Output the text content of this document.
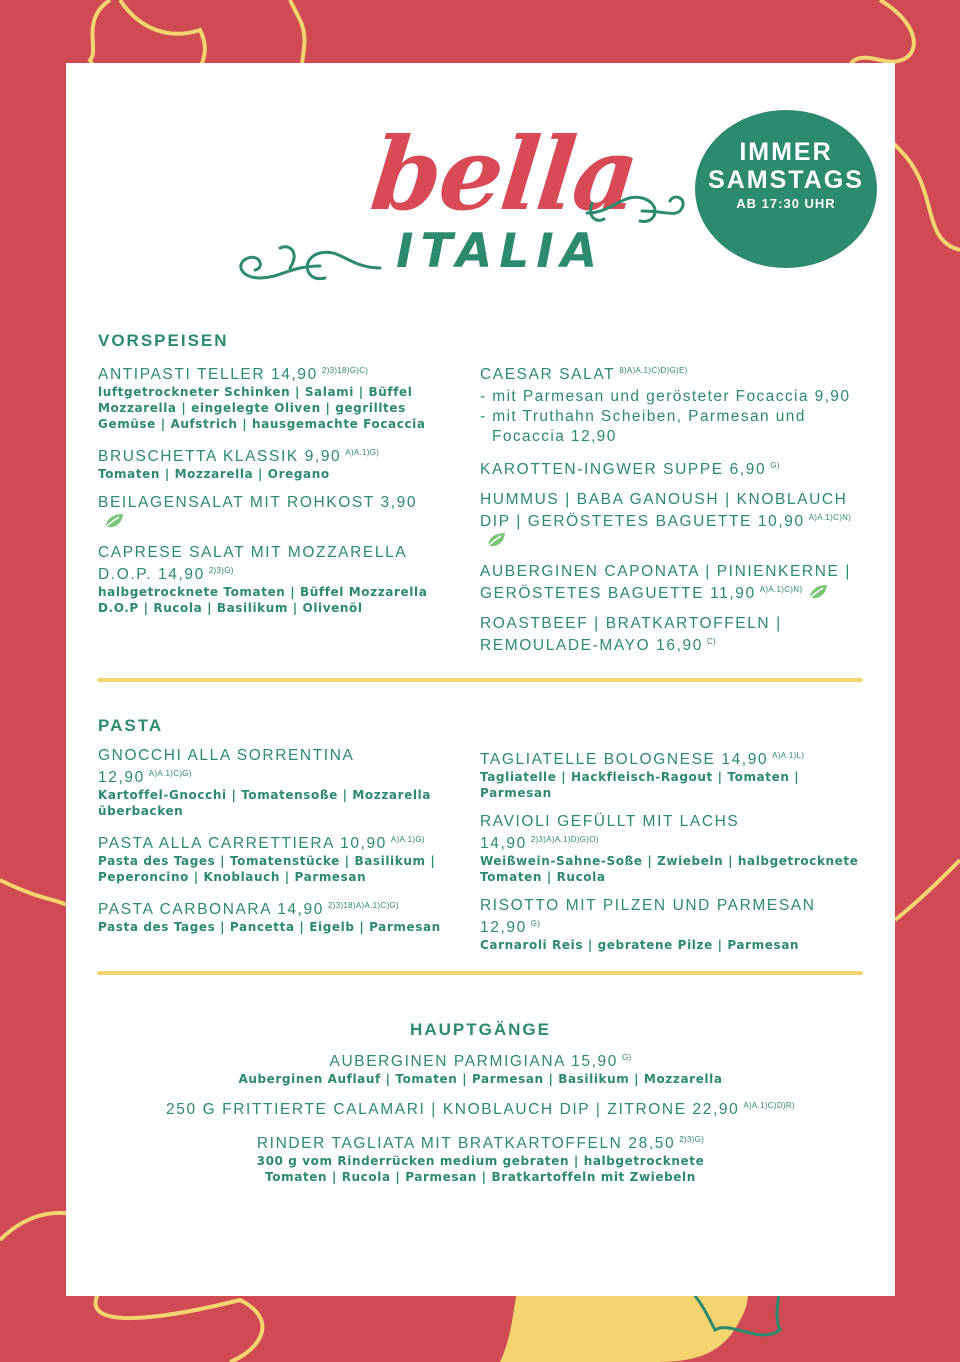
bella
ITALIA
IMMER
SAMSTAGS
AB 17:30 UHR
VORSPEISEN
ANTIPASTI TELLER 14,90 $^{2)3)18)G)C)}$
luftgetrockneter Schinken | Salami | Büffel Mozzarella | eingelegte Oliven | gegrilltes Gemüse | Aufstrich | hausgemachte Focaccia
BRUSCHETTA KLASSIK 9,90 $^{A)A.1)G)}$
Tomaten | Mozzarella | Oregano
BEILAGENSALAT MIT ROHKOST 3,90
CAPRESE SALAT MIT MOZZARELLA D.O.P. 14,90 $^{2)3)G)}$
halbgetrocknete Tomaten | Büffel Mozzarella D.O.P | Rucola | Basilikum | Olivenöl
CAESAR SALAT $^{8)A)A.1)C)D)G)E)}$
- mit Parmesan und gerösteter Focaccia 9,90
- mit Truthahn Scheiben, Parmesan und
Focaccia 12,90
KAROTTEN-INGWER SUPPE 6,90 $^{G)}$
HUMMUS | BABA GANOUSH | KNOBLAUCH DIP | GERÖSTETES BAGUETTE 10,90 $^{A)A.1)C)N)}$
AUBERGINEN CAPONATA | PINIENKERNE | GERÖSTETES BAGUETTE 11,90 $^{A)A.1)C)N)}$
ROASTBEEF | BRATKARTOFFELN | REMOULADE-MAYO 16,90 $^{C)}$
PASTA
GNOCCHI ALLA SORRENTINA 12,90 $^{A)A.1)C)G)}$
Kartoffel-Gnocchi | Tomatensoße | Mozzarella überbacken
PASTA ALLA CARRETTIERA 10,90 $^{A)A.1)G)}$
Pasta des Tages | Tomatenstücke | Basilikum | Peperoncino | Knoblauch | Parmesan
PASTA CARBONARA 14,90 $^{2)3)18)A)A.1)C)G)}$
Pasta des Tages | Pancetta | Eigelb | Parmesan
TAGLIATELLE BOLOGNESE 14,90 $^{A)A.1)L)}$
Tagliatelle | Hackfleisch-Ragout | Tomaten | Parmesan
RAVIOLI GEFÜLLT MIT LACHS 14,90 $^{2)3)A)A.1)D)G)O)}$
Weißwein-Sahne-Soße | Zwiebeln | halbgetrocknete Tomaten | Rucola
RISOTTO MIT PILZEN UND PARMESAN 12,90 $^{G)}$
Carnaroli Reis | gebratene Pilze | Parmesan
HAUPTGÄNGE
AUBERGINEN PARMIGIANA 15,90 $^{G)}$
Auberginen Auflauf | Tomaten | Parmesan | Basilikum | Mozzarella
250 G FRITTIERTE CALAMARI | KNOBLAUCH DIP | ZITRONE 22,90 $^{A)A.1)C)D)R)}$
RINDER TAGLIATA MIT BRATKARTOFFELN 28,50 $^{2)3)G)}$
300 g vom Rinderrücken medium gebraten | halbgetrocknete Tomaten | Rucola | Parmesan | Bratkartoffeln mit Zwiebeln
